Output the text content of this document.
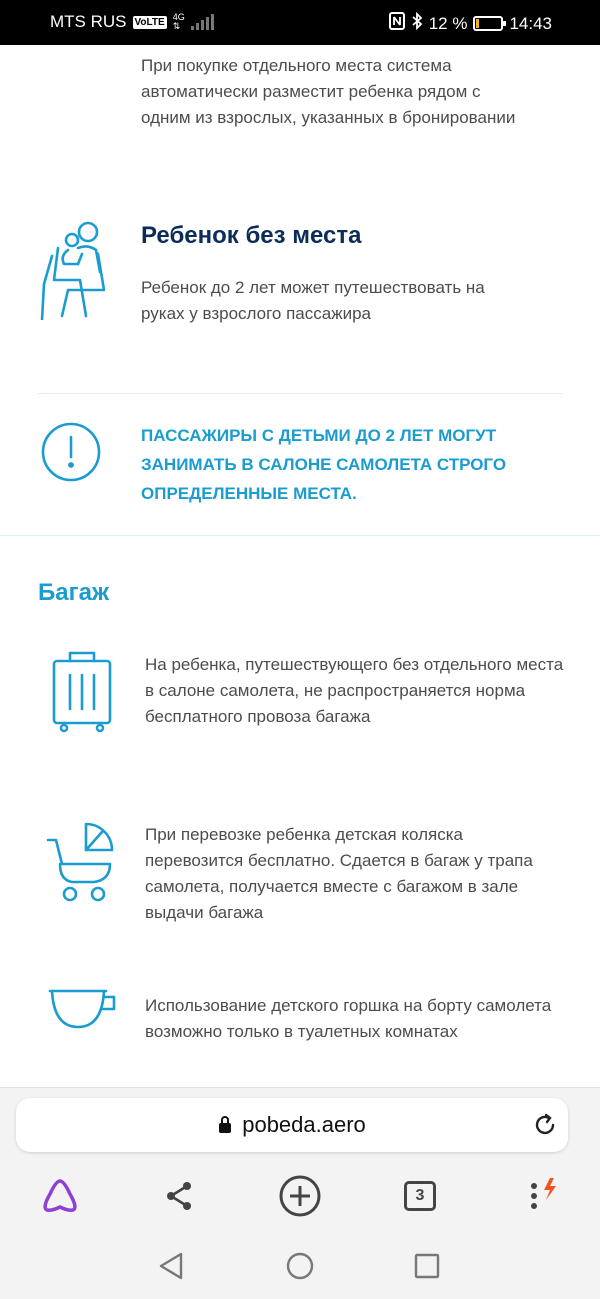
MTS RUS VoLTE 4G
⇅	12 % 14:43
При покупке отдельного места система автоматически разместит ребенка рядом с одним из взрослых, указанных в бронировании
Ребенок без места
Ребенок до 2 лет может путешествовать на руках у взрослого пассажира
ПАССАЖИРЫ С ДЕТЬМИ ДО 2 ЛЕТ МОГУТ ЗАНИМАТЬ В САЛОНЕ САМОЛЕТА СТРОГО ОПРЕДЕЛЕННЫЕ МЕСТА.
Багаж
На ребенка, путешествующего без отдельного места в салоне самолета, не распространяется норма бесплатного провоза багажа
При перевозке ребенка детская коляска перевозится бесплатно. Сдается в багаж у трапа самолета, получается вместе с багажом в зале выдачи багажа
Использование детского горшка на борту самолета возможно только в туалетных комнатах
pobeda.aero
3
